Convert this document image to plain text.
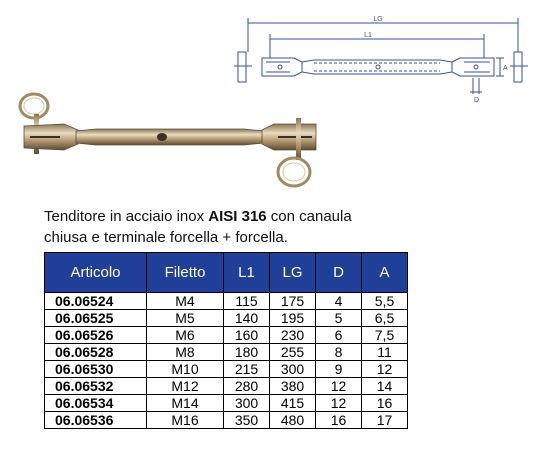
LG
L1
A
D
Tenditore in acciaio inox AISI 316 con canaula
chiusa e terminale forcella + forcella.
Articolo	Filetto	L1	LG	D	A
06.06524	M4	115	175	4	5,5
06.06525	M5	140	195	5	6,5
06.06526	M6	160	230	6	7,5
06.06528	M8	180	255	8	11
06.06530	M10	215	300	9	12
06.06532	M12	280	380	12	14
06.06534	M14	300	415	12	16
06.06536	M16	350	480	16	17
